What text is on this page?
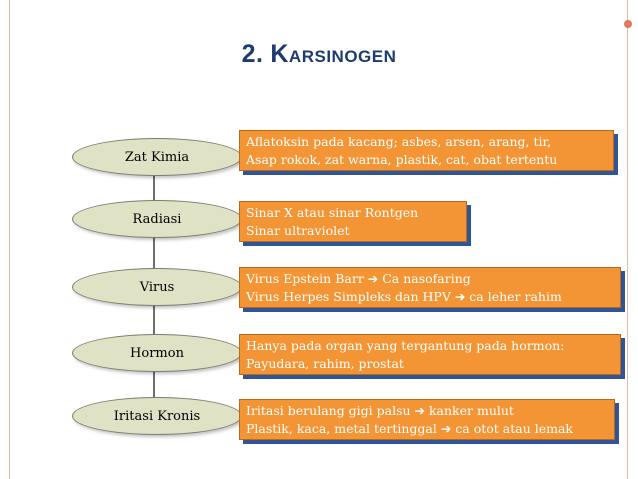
2. KARSINOGEN
Zat Kimia
Aflatoksin pada kacang; asbes, arsen, arang, tir,
Asap rokok, zat warna, plastik, cat, obat tertentu
Radiasi	Sinar X atau sinar Rontgen
Sinar ultraviolet
Virus
Virus Epstein Barr ➔ Ca nasofaring
Virus Herpes Simpleks dan HPV ➔ ca leher rahim
Hormon	Hanya pada organ yang tergantung pada hormon:
Payudara, rahim, prostat
Iritasi Kronis	Iritasi berulang gigi palsu ➔ kanker mulut
Plastik, kaca, metal tertinggal ➔ ca otot atau lemak
